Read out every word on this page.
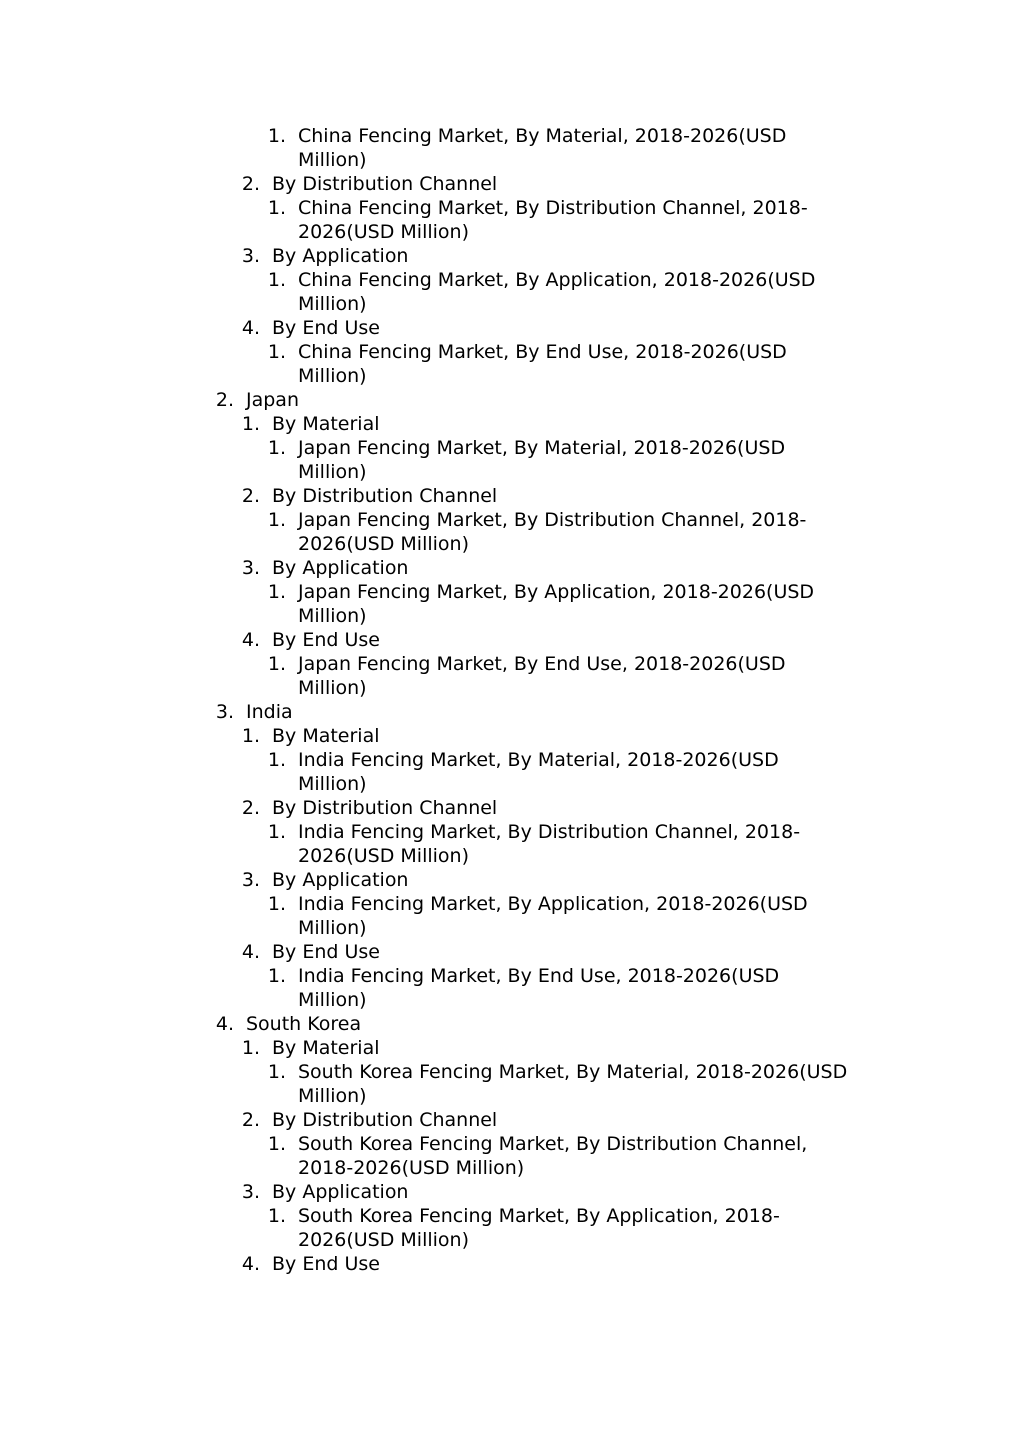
1. China Fencing Market, By Material, 2018-2026(USD
Million)
2. By Distribution Channel
1. China Fencing Market, By Distribution Channel, 2018-
2026(USD Million)
3. By Application
1. China Fencing Market, By Application, 2018-2026(USD
Million)
4. By End Use
1. China Fencing Market, By End Use, 2018-2026(USD
Million)
2. Japan
1. By Material
1. Japan Fencing Market, By Material, 2018-2026(USD
Million)
2. By Distribution Channel
1. Japan Fencing Market, By Distribution Channel, 2018-
2026(USD Million)
3. By Application
1. Japan Fencing Market, By Application, 2018-2026(USD
Million)
4. By End Use
1. Japan Fencing Market, By End Use, 2018-2026(USD
Million)
3. India
1. By Material
1. India Fencing Market, By Material, 2018-2026(USD
Million)
2. By Distribution Channel
1. India Fencing Market, By Distribution Channel, 2018-
2026(USD Million)
3. By Application
1. India Fencing Market, By Application, 2018-2026(USD
Million)
4. By End Use
1. India Fencing Market, By End Use, 2018-2026(USD
Million)
4. South Korea
1. By Material
1. South Korea Fencing Market, By Material, 2018-2026(USD
Million)
2. By Distribution Channel
1. South Korea Fencing Market, By Distribution Channel,
2018-2026(USD Million)
3. By Application
1. South Korea Fencing Market, By Application, 2018-
2026(USD Million)
4. By End Use
